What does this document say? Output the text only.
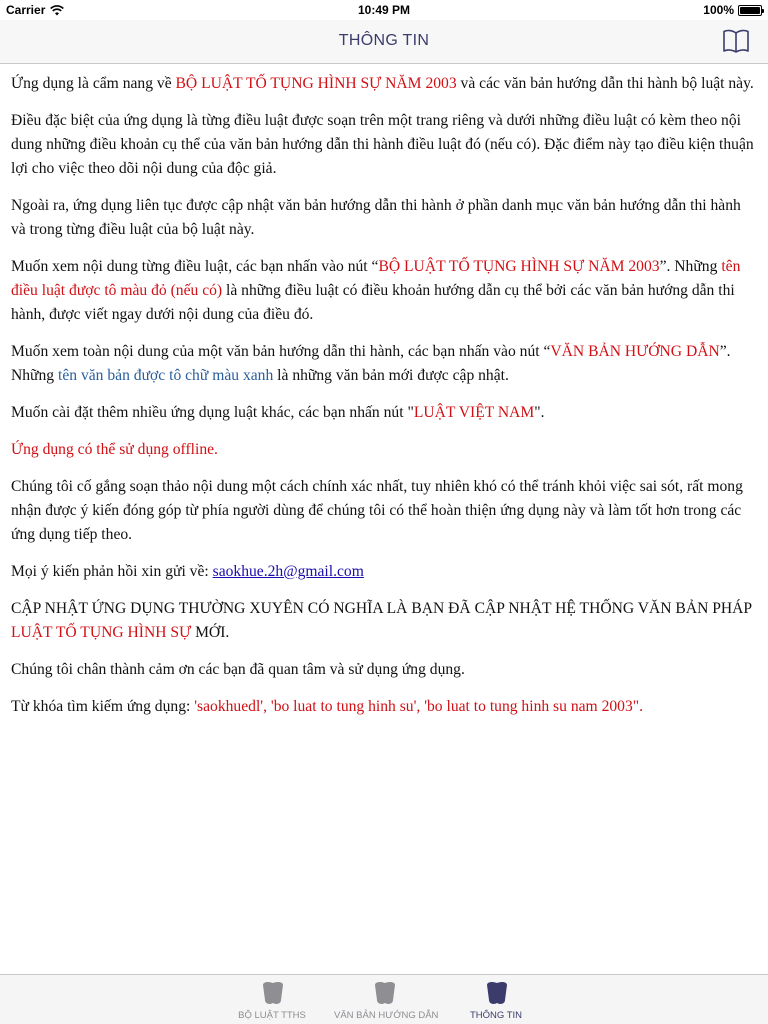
Carrier	10:49 PM	100%
THÔNG TIN

Ứng dụng là cẩm nang về BỘ LUẬT TỐ TỤNG HÌNH SỰ NĂM 2003 và các văn bản hướng dẫn thi hành bộ luật này.

Điều đặc biệt của ứng dụng là từng điều luật được soạn trên một trang riêng và dưới những điều luật có kèm theo nội dung những điều khoản cụ thể của văn bản hướng dẫn thi hành điều luật đó (nếu có). Đặc điểm này tạo điều kiện thuận lợi cho việc theo dõi nội dung của độc giả.

Ngoài ra, ứng dụng liên tục được cập nhật văn bản hướng dẫn thi hành ở phần danh mục văn bản hướng dẫn thi hành và trong từng điều luật của bộ luật này.

Muốn xem nội dung từng điều luật, các bạn nhấn vào nút “BỘ LUẬT TỐ TỤNG HÌNH SỰ NĂM 2003”. Những tên điều luật được tô màu đỏ (nếu có) là những điều luật có điều khoản hướng dẫn cụ thể bởi các văn bản hướng dẫn thi hành, được viết ngay dưới nội dung của điều đó.

Muốn xem toàn nội dung của một văn bản hướng dẫn thi hành, các bạn nhấn vào nút “VĂN BẢN HƯỚNG DẪN”. Những tên văn bản được tô chữ màu xanh là những văn bản mới được cập nhật.

Muốn cài đặt thêm nhiều ứng dụng luật khác, các bạn nhấn nút "LUẬT VIỆT NAM".

Ứng dụng có thể sử dụng offline.

Chúng tôi cố gắng soạn thảo nội dung một cách chính xác nhất, tuy nhiên khó có thể tránh khỏi việc sai sót, rất mong nhận được ý kiến đóng góp từ phía người dùng để chúng tôi có thể hoàn thiện ứng dụng này và làm tốt hơn trong các ứng dụng tiếp theo.

Mọi ý kiến phản hồi xin gửi về: saokhue.2h@gmail.com

CẬP NHẬT ỨNG DỤNG THƯỜNG XUYÊN CÓ NGHĨA LÀ BẠN ĐÃ CẬP NHẬT HỆ THỐNG VĂN BẢN PHÁP LUẬT TỐ TỤNG HÌNH SỰ MỚI.

Chúng tôi chân thành cảm ơn các bạn đã quan tâm và sử dụng ứng dụng.

Từ khóa tìm kiếm ứng dụng: 'saokhuedl', 'bo luat to tung hinh su', 'bo luat to tung hinh su nam 2003".

BỘ LUẬT TTHS	VĂN BẢN HƯỚNG DẪN	THÔNG TIN
